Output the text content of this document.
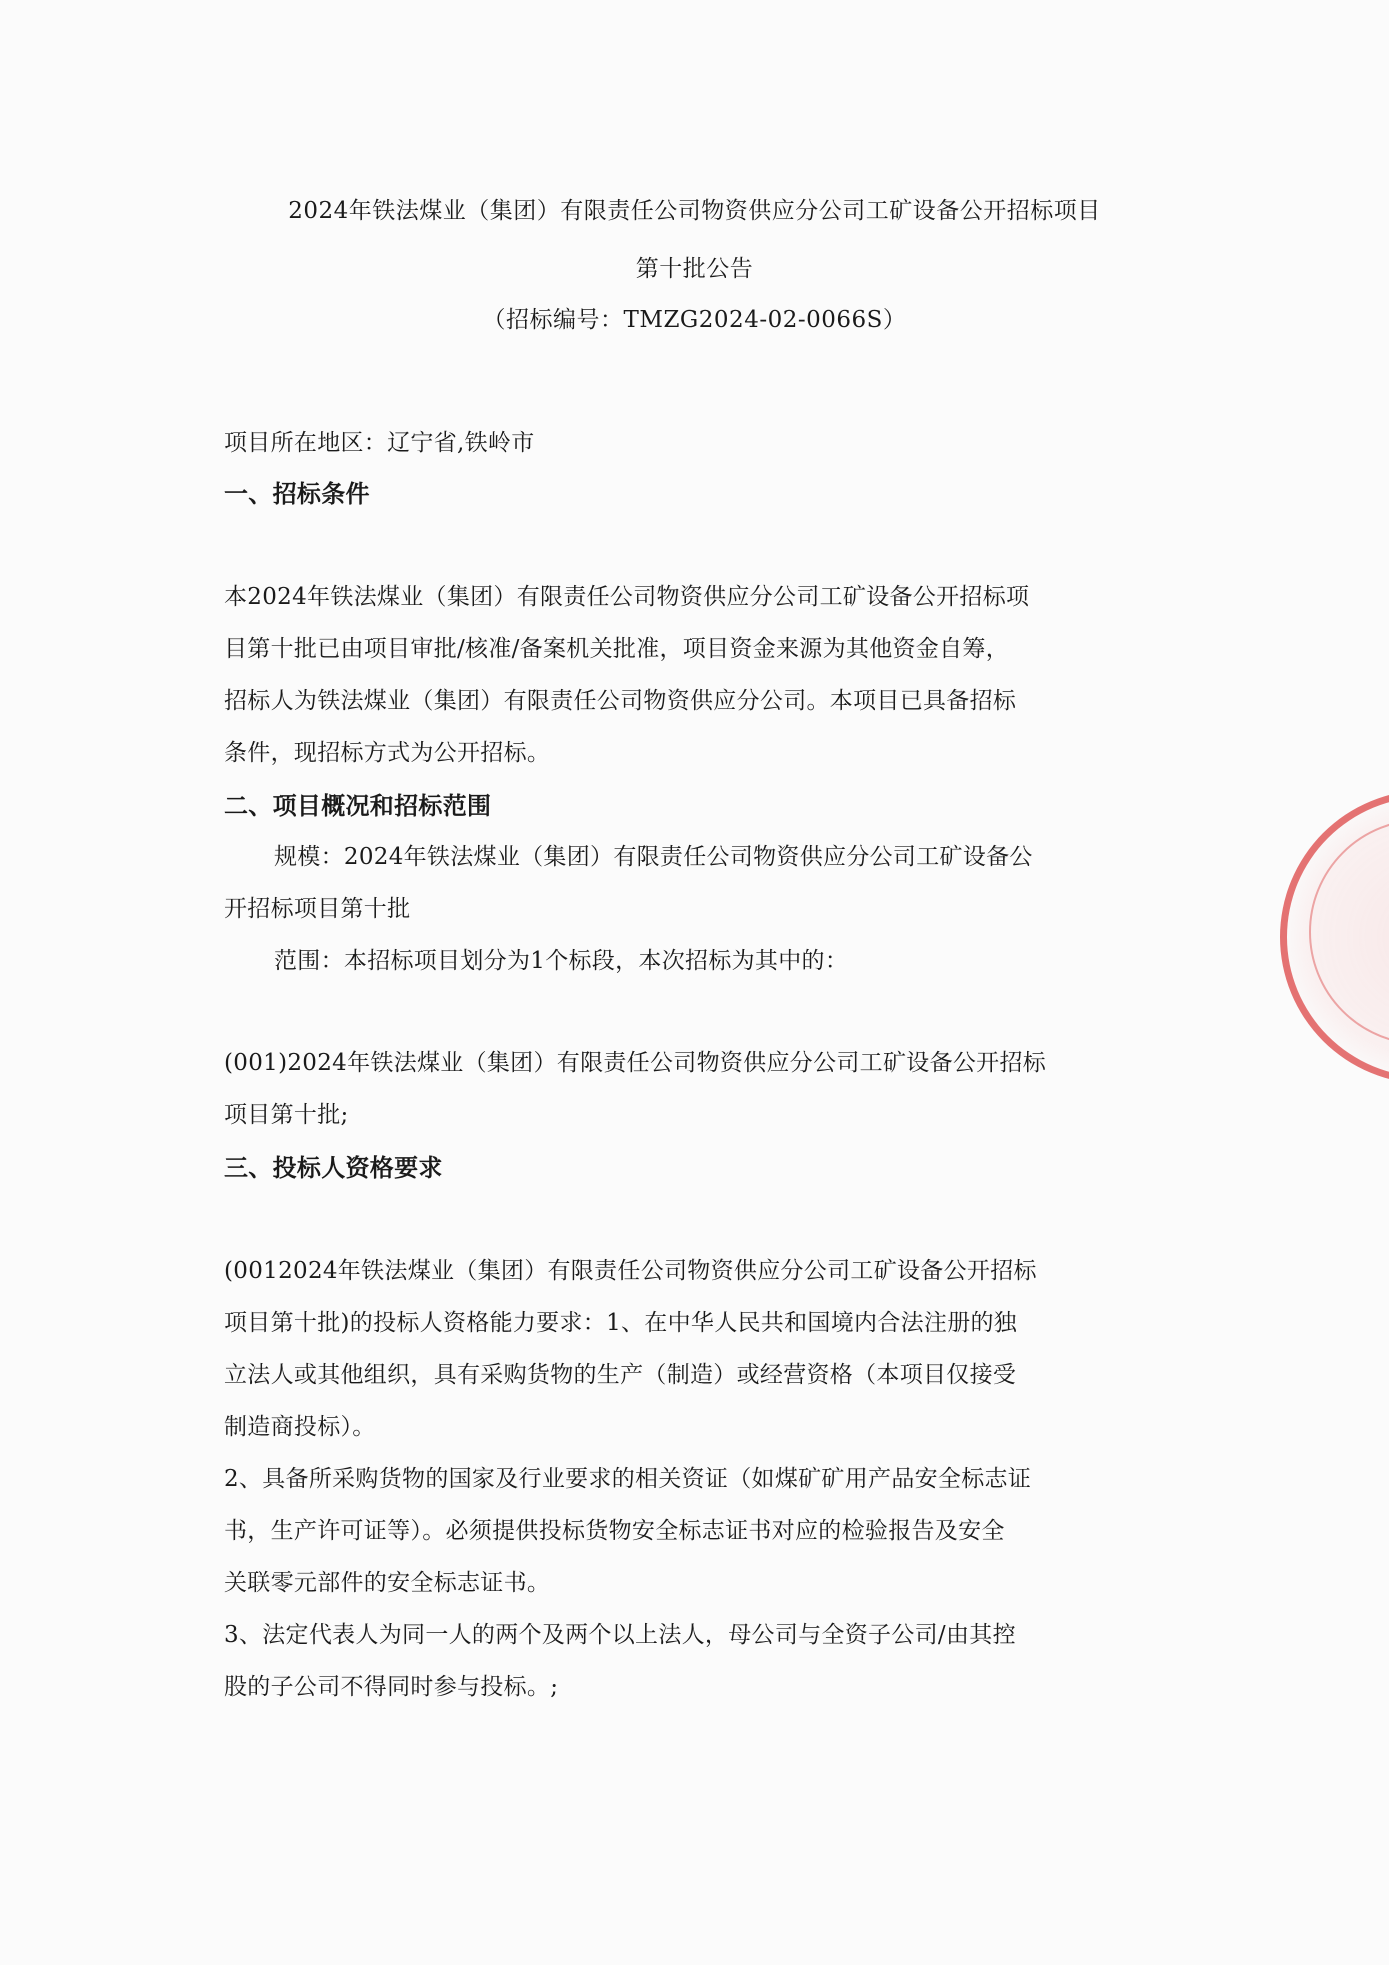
2024年铁法煤业（集团）有限责任公司物资供应分公司工矿设备公开招标项目
第十批公告
（招标编号：TMZG2024-02-0066S）
项目所在地区：辽宁省,铁岭市
一、招标条件
本2024年铁法煤业（集团）有限责任公司物资供应分公司工矿设备公开招标项
目第十批已由项目审批/核准/备案机关批准，项目资金来源为其他资金自筹，
招标人为铁法煤业（集团）有限责任公司物资供应分公司。本项目已具备招标
条件，现招标方式为公开招标。
二、项目概况和招标范围
规模：2024年铁法煤业（集团）有限责任公司物资供应分公司工矿设备公
开招标项目第十批
范围：本招标项目划分为1个标段，本次招标为其中的：
(001)2024年铁法煤业（集团）有限责任公司物资供应分公司工矿设备公开招标
项目第十批;
三、投标人资格要求
(0012024年铁法煤业（集团）有限责任公司物资供应分公司工矿设备公开招标
项目第十批)的投标人资格能力要求：1、在中华人民共和国境内合法注册的独
立法人或其他组织，具有采购货物的生产（制造）或经营资格（本项目仅接受
制造商投标）。
2、具备所采购货物的国家及行业要求的相关资证（如煤矿矿用产品安全标志证
书，生产许可证等）。必须提供投标货物安全标志证书对应的检验报告及安全
关联零元部件的安全标志证书。
3、法定代表人为同一人的两个及两个以上法人，母公司与全资子公司/由其控
股的子公司不得同时参与投标。;
